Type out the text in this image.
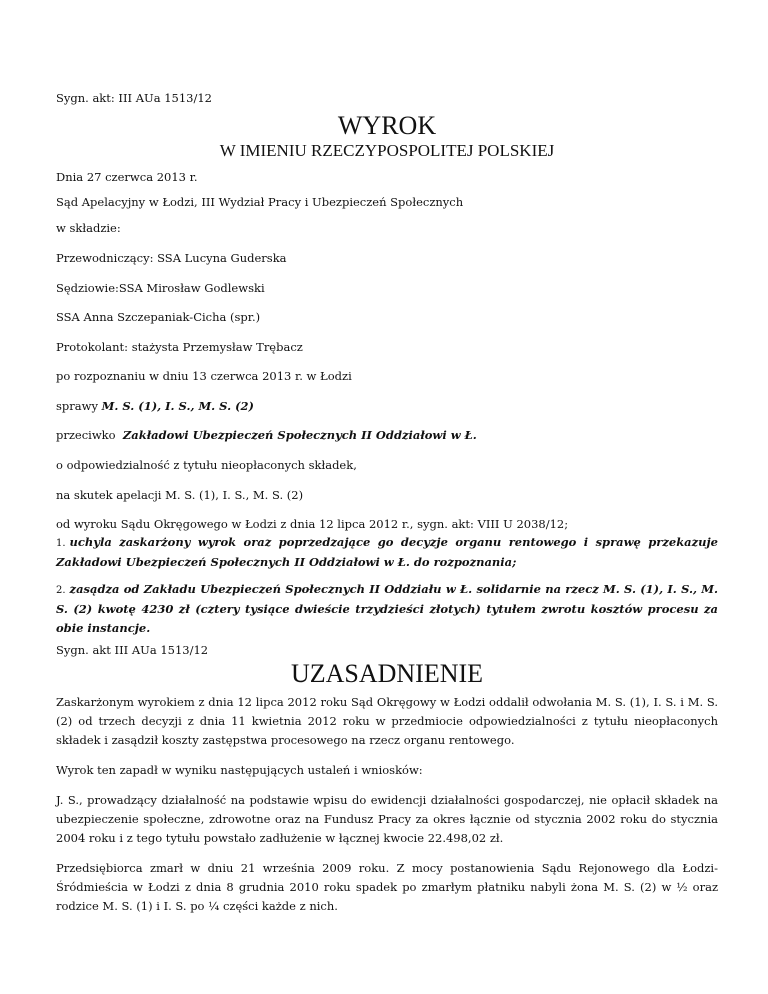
Sygn. akt: III AUa 1513/12
WYROK
W IMIENIU RZECZYPOSPOLITEJ POLSKIEJ
Dnia 27 czerwca 2013 r.
Sąd Apelacyjny w Łodzi, III Wydział Pracy i Ubezpieczeń Społecznych
w składzie:
Przewodniczący: SSA Lucyna Guderska
Sędziowie:SSA Mirosław Godlewski
SSA Anna Szczepaniak-Cicha (spr.)
Protokolant: stażysta Przemysław Trębacz
po rozpoznaniu w dniu 13 czerwca 2013 r. w Łodzi
sprawy M. S. (1), I. S., M. S. (2)
przeciwko  Zakładowi Ubezpieczeń Społecznych II Oddziałowi w Ł.
o odpowiedzialność z tytułu nieopłaconych składek,
na skutek apelacji M. S. (1), I. S., M. S. (2)
od wyroku Sądu Okręgowego w Łodzi z dnia 12 lipca 2012 r., sygn. akt: VIII U 2038/12;
1. uchyla zaskarżony wyrok oraz poprzedzające go decyzje organu rentowego i sprawę przekazuje Zakładowi Ubezpieczeń Społecznych II Oddziałowi w Ł. do rozpoznania;
2. zasądza od Zakładu Ubezpieczeń Społecznych II Oddziału w Ł. solidarnie na rzecz M. S. (1), I. S., M. S. (2) kwotę 4230 zł (cztery tysiące dwieście trzydzieści złotych) tytułem zwrotu kosztów procesu za obie instancje.
Sygn. akt III AUa 1513/12
UZASADNIENIE
Zaskarżonym wyrokiem z dnia 12 lipca 2012 roku Sąd Okręgowy w Łodzi oddalił odwołania M. S. (1), I. S. i M. S. (2) od trzech decyzji z dnia 11 kwietnia 2012 roku w przedmiocie odpowiedzialności z tytułu nieopłaconych składek i zasądził koszty zastępstwa procesowego na rzecz organu rentowego.
Wyrok ten zapadł w wyniku następujących ustaleń i wniosków:
J. S., prowadzący działalność na podstawie wpisu do ewidencji działalności gospodarczej, nie opłacił składek na ubezpieczenie społeczne, zdrowotne oraz na Fundusz Pracy za okres łącznie od stycznia 2002 roku do stycznia 2004 roku i z tego tytułu powstało zadłużenie w łącznej kwocie 22.498,02 zł.
Przedsiębiorca zmarł w dniu 21 września 2009 roku. Z mocy postanowienia Sądu Rejonowego dla Łodzi-Śródmieścia w Łodzi z dnia 8 grudnia 2010 roku spadek po zmarłym płatniku nabyli żona M. S. (2) w ½ oraz rodzice M. S. (1) i I. S. po ¼ części każde z nich.
